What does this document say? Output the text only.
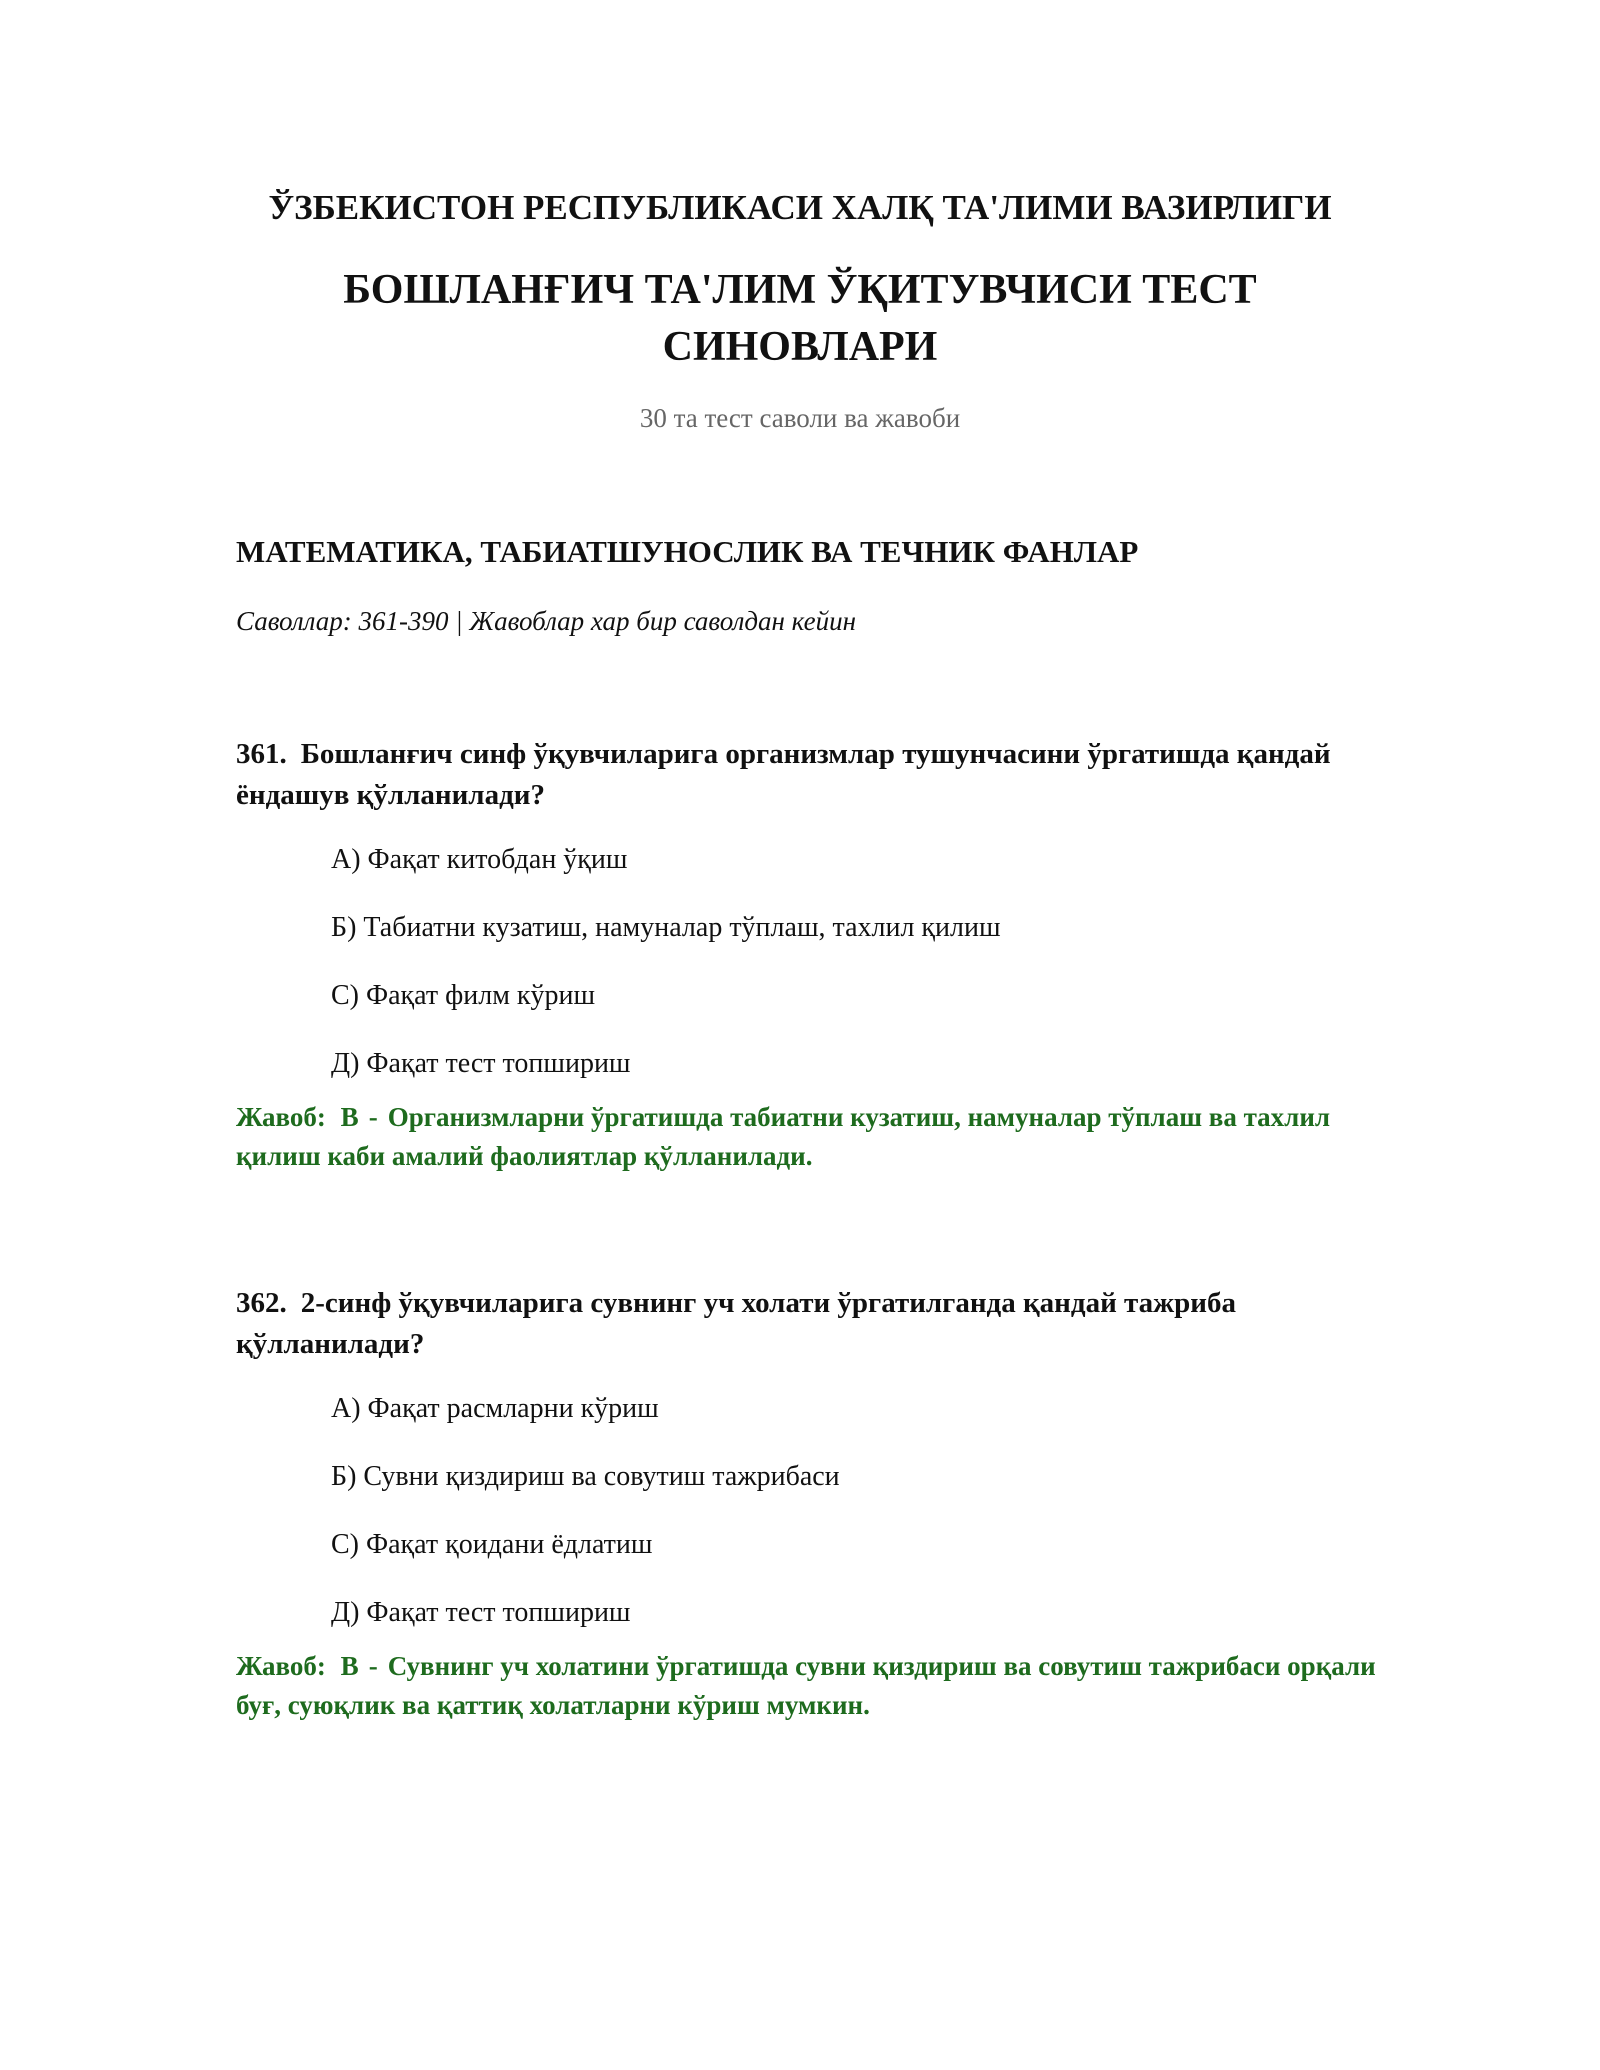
ЎЗБЕКИСТОН РЕСПУБЛИКАСИ ХАЛҚ ТА'ЛИМИ ВАЗИРЛИГИ
БОШЛАНҒИЧ ТА'ЛИМ ЎҚИТУВЧИСИ ТЕСТ СИНОВЛАРИ

30 та тест саволи ва жавоби

МАТЕМАТИКА, ТАБИАТШУНОСЛИК ВА ТЕЧНИК ФАНЛАР

Саволлар: 361-390 | Жавоблар хар бир саволдан кейин

361. Бошланғич синф ўқувчиларига организмлар тушунчасини ўргатишда қандай ёндашув қўлланилади?

А) Фақат китобдан ўқиш
Б) Табиатни кузатиш, намуналар тўплаш, тахлил қилиш
С) Фақат филм кўриш
Д) Фақат тест топшириш

Жавоб: В - Организмларни ўргатишда табиатни кузатиш, намуналар тўплаш ва тахлил қилиш каби амалий фаолиятлар қўлланилади.

362. 2-синф ўқувчиларига сувнинг уч холати ўргатилганда қандай тажриба қўлланилади?

А) Фақат расмларни кўриш
Б) Сувни қиздириш ва совутиш тажрибаси
С) Фақат қоидани ёдлатиш
Д) Фақат тест топшириш

Жавоб: В - Сувнинг уч холатини ўргатишда сувни қиздириш ва совутиш тажрибаси орқали буғ, суюқлик ва қаттиқ холатларни кўриш мумкин.
